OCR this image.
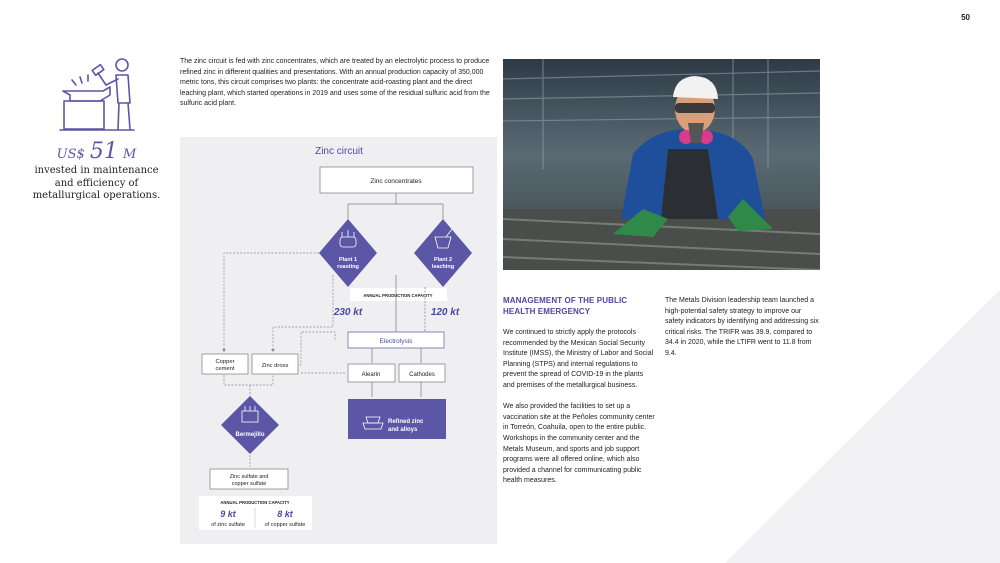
50
US$ 51 M
invested in maintenance and efficiency of metallurgical operations.
The zinc circuit is fed with zinc concentrates, which are treated by an electrolytic process to produce refined zinc in different qualities and presentations. With an annual production capacity of 350,000 metric tons, this circuit comprises two plants: the concentrate acid-roasting plant and the direct leaching plant, which started operations in 2019 and uses some of the residual sulfuric acid from the sulfuric acid plant.
Zinc circuit
Zinc concentrates
Plant 1
roasting
Plant 2
leaching
ANNUAL PRODUCTION CAPACITY
230 kt	120 kt
Electrolysis
Alearin	Cathodes
Copper
cement	Zinc dross
Refined zinc
and alloys
Bermejillo
Zinc sulfate and
copper sulfate
ANNUAL PRODUCTION CAPACITY
9 kt
of zinc sulfate
8 kt
of copper sulfate
MANAGEMENT OF THE PUBLIC HEALTH EMERGENCY

We continued to strictly apply the protocols recommended by the Mexican Social Security Institute (IMSS), the Ministry of Labor and Social Planning (STPS) and internal regulations to prevent the spread of COVID-19 in the plants and premises of the metallurgical business.

We also provided the facilities to set up a vaccination site at the Peñoles community center in Torreón, Coahuila, open to the entire public. Workshops in the community center and the Metals Museum, and sports and job support programs were all offered online, which also provided a channel for communicating public health measures.

The Metals Division leadership team launched a high-potential safety strategy to improve our safety indicators by identifying and addressing six critical risks. The TRIFR was 39.9, compared to 34.4 in 2020, while the LTIFR went to 11.8 from 9.4.
